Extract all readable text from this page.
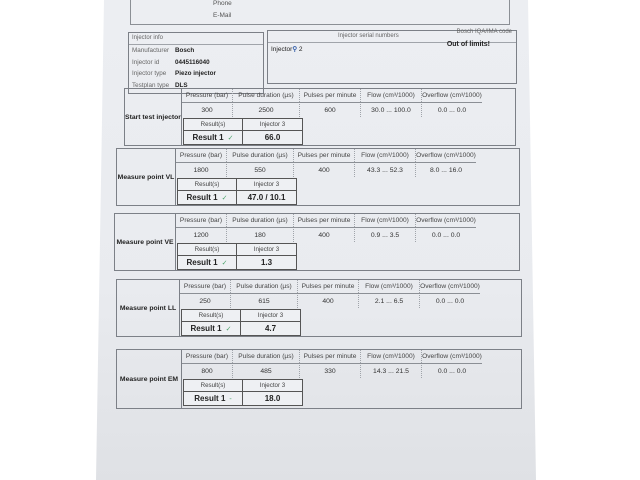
Phone
E-Mail
Injector info
Manufacturer Bosch
Injector id	0445116040
Injector type	Piezo injector
Testplan type DLS
Injector serial numbers
Bosch IQA/IMA code
Injector⚲ 2
Out of limits!
Start test injector
Pressure (bar)	Pulse duration (µs)	Pulses per minute	Flow (cm³/1000)	Overflow (cm³/1000)
300	2500	600	30.0 ... 100.0	0.0 ... 0.0
Result(s)	Injector 3
Result 1 ✓	66.0
Measure point VL
Pressure (bar)	Pulse duration (µs)	Pulses per minute	Flow (cm³/1000)	Overflow (cm³/1000)
1800	550	400	43.3 ... 52.3	8.0 ... 16.0
Result(s)	Injector 3
Result 1 ✓	47.0 / 10.1
Measure point VE
Pressure (bar)	Pulse duration (µs)	Pulses per minute	Flow (cm³/1000)	Overflow (cm³/1000)
1200	180	400	0.9 ... 3.5	0.0 ... 0.0
Result(s)	Injector 3
Result 1 ✓	1.3
Measure point LL
Pressure (bar)	Pulse duration (µs)	Pulses per minute	Flow (cm³/1000)	Overflow (cm³/1000)
250	615	400	2.1 ... 6.5	0.0 ... 0.0
Result(s)	Injector 3
Result 1 ✓	4.7
Measure point EM
Pressure (bar)	Pulse duration (µs)	Pulses per minute	Flow (cm³/1000)	Overflow (cm³/1000)
800	485	330	14.3 ... 21.5	0.0 ... 0.0
Result(s)	Injector 3
Result 1 -	18.0
